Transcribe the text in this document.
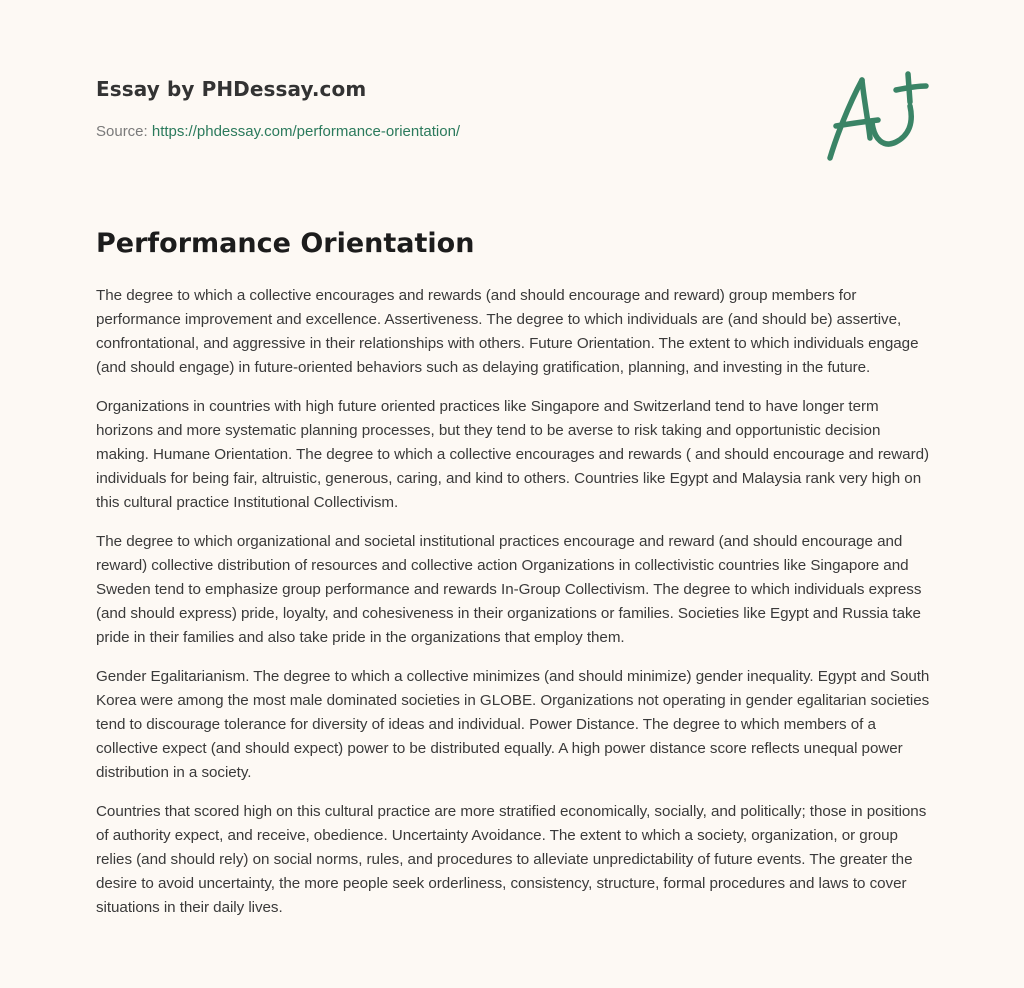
Essay by PHDessay.com
Source: https://phdessay.com/performance-orientation/
Performance Orientation

The degree to which a collective encourages and rewards (and should encourage and reward) group members for performance improvement and excellence. Assertiveness. The degree to which individuals are (and should be) assertive, confrontational, and aggressive in their relationships with others. Future Orientation. The extent to which individuals engage (and should engage) in future-oriented behaviors such as delaying gratification, planning, and investing in the future.

Organizations in countries with high future oriented practices like Singapore and Switzerland tend to have longer term horizons and more systematic planning processes, but they tend to be averse to risk taking and opportunistic decision making. Humane Orientation. The degree to which a collective encourages and rewards ( and should encourage and reward) individuals for being fair, altruistic, generous, caring, and kind to others. Countries like Egypt and Malaysia rank very high on this cultural practice Institutional Collectivism.

The degree to which organizational and societal institutional practices encourage and reward (and should encourage and reward) collective distribution of resources and collective action Organizations in collectivistic countries like Singapore and Sweden tend to emphasize group performance and rewards In-Group Collectivism. The degree to which individuals express (and should express) pride, loyalty, and cohesiveness in their organizations or families. Societies like Egypt and Russia take pride in their families and also take pride in the organizations that employ them.

Gender Egalitarianism. The degree to which a collective minimizes (and should minimize) gender inequality. Egypt and South Korea were among the most male dominated societies in GLOBE. Organizations not operating in gender egalitarian societies tend to discourage tolerance for diversity of ideas and individual. Power Distance. The degree to which members of a collective expect (and should expect) power to be distributed equally. A high power distance score reflects unequal power distribution in a society.

Countries that scored high on this cultural practice are more stratified economically, socially, and politically; those in positions of authority expect, and receive, obedience. Uncertainty Avoidance. The extent to which a society, organization, or group relies (and should rely) on social norms, rules, and procedures to alleviate unpredictability of future events. The greater the desire to avoid uncertainty, the more people seek orderliness, consistency, structure, formal procedures and laws to cover situations in their daily lives.
